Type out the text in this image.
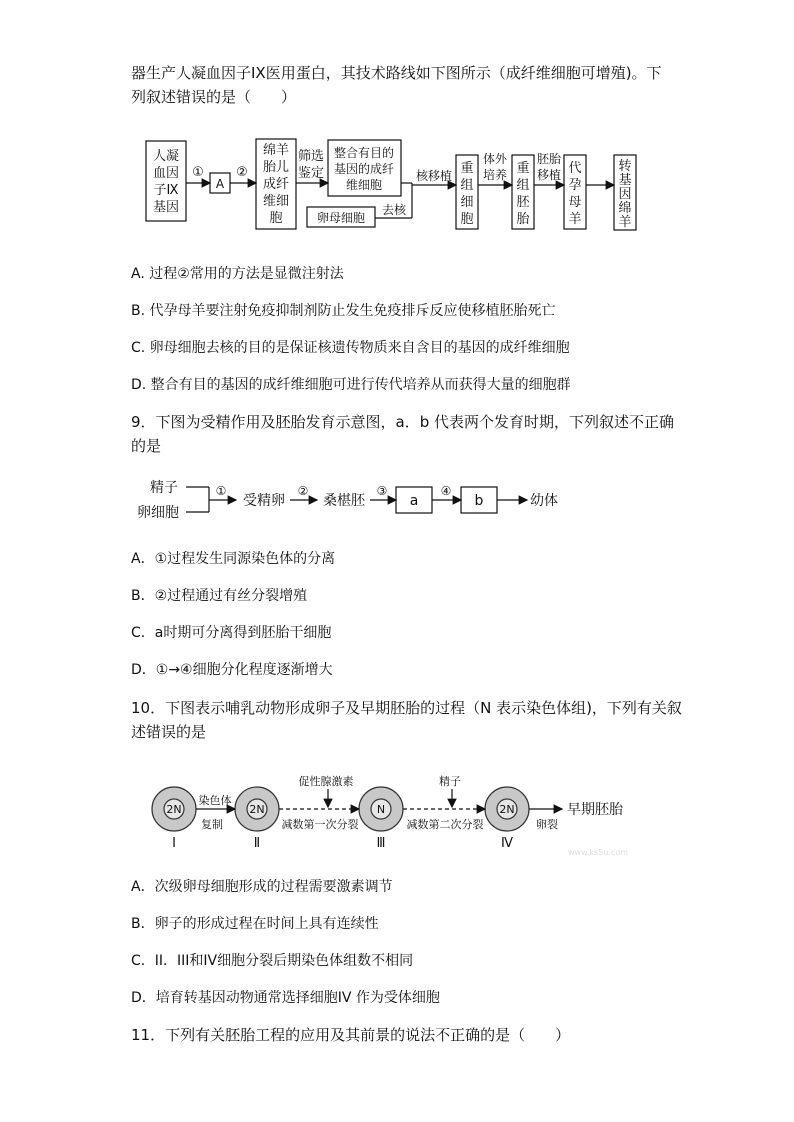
器生产人凝血因子IX医用蛋白，其技术路线如下图所示（成纤维细胞可增殖)。下
列叙述错误的是（　　）
人凝
血因
子Ⅸ
基因
①
A
②
绵羊
胎儿
成纤
维细
胞
筛选
鉴定
整合有目的
基因的成纤
维细胞
卵母细胞
去核
核移植 重
组
细
胞
体外
培养 重
组
胚
胎
胚胎
移植 代
孕
母
羊
转
基
因
绵
羊
A. 过程②常用的方法是显微注射法
B. 代孕母羊要注射免疫抑制剂防止发生免疫排斥反应使移植胚胎死亡
C. 卵母细胞去核的目的是保证核遗传物质来自含目的基因的成纤维细胞
D. 整合有目的基因的成纤维细胞可进行传代培养从而获得大量的细胞群
9．下图为受精作用及胚胎发育示意图，a．b 代表两个发育时期，下列叙述不正确
的是
精子
卵细胞
①
受精卵
②
桑椹胚
③
a
④
b	幼体
A．①过程发生同源染色体的分离
B．②过程通过有丝分裂增殖
C．a时期可分离得到胚胎干细胞
D．①→④细胞分化程度逐渐增大
10．下图表示哺乳动物形成卵子及早期胚胎的过程（N 表示染色体组)，下列有关叙
述错误的是
2N	2N	N	2N
Ⅰ	Ⅱ	Ⅲ	Ⅳ
染色体
复制
促性腺激素
减数第一次分裂
精子
减数第二次分裂	卵裂
www.ks5u.com
早期胚胎
A．次级卵母细胞形成的过程需要激素调节
B．卵子的形成过程在时间上具有连续性
C．II．III和IV细胞分裂后期染色体组数不相同
D．培育转基因动物通常选择细胞IV 作为受体细胞
11．下列有关胚胎工程的应用及其前景的说法不正确的是（　　）
